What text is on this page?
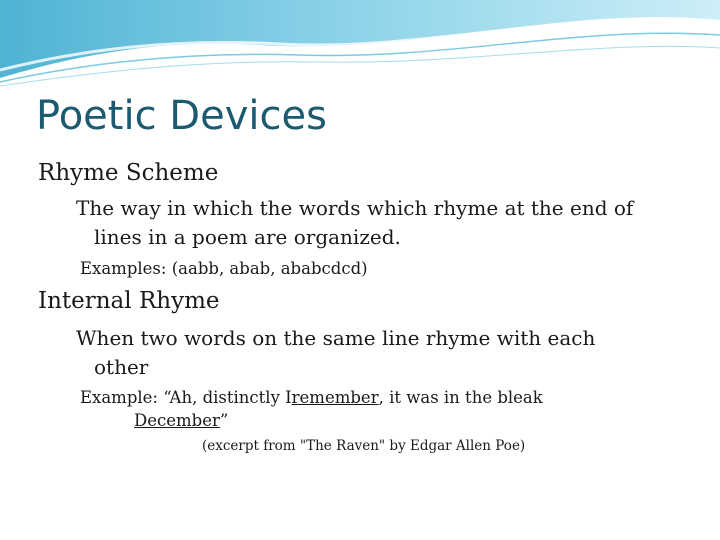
Poetic Devices
Rhyme Scheme
The way in which the words which rhyme at the end of
lines in a poem are organized.
Examples: (aabb, abab, ababcdcd)
Internal Rhyme
When two words on the same line rhyme with each
other
Example: “Ah, distinctly I remember , it was in the bleak
December ”
(excerpt from "The Raven" by Edgar Allen Poe)
